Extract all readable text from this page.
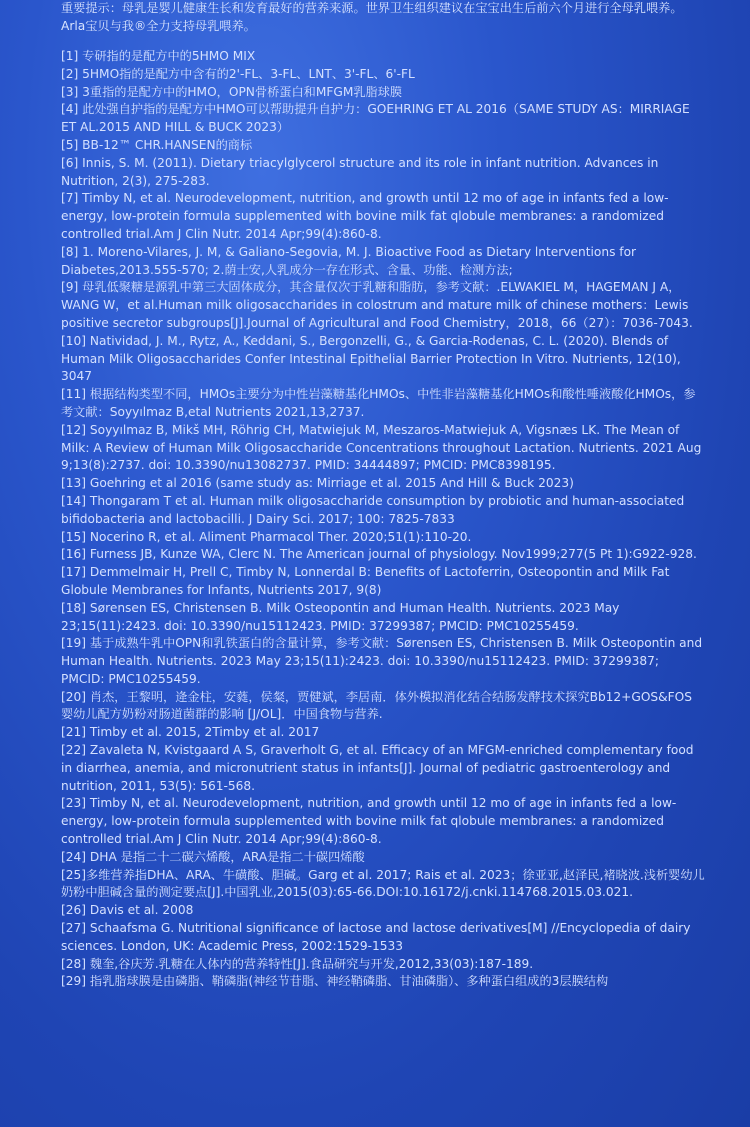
重要提示：母乳是婴儿健康生长和发育最好的营养来源。世界卫生组织建议在宝宝出生后前六个月进行全母乳喂养。Arla宝贝与我®全力支持母乳喂养。

[1] 专研指的是配方中的5HMO MIX

[2] 5HMO指的是配方中含有的2'-FL、3-FL、LNT、3'-FL、6'-FL

[3] 3重指的是配方中的HMO，OPN骨桥蛋白和MFGM乳脂球膜

[4] 此处强自护指的是配方中HMO可以帮助提升自护力：GOEHRING ET AL 2016（SAME STUDY AS：MIRRIAGE ET AL.2015 AND HILL & BUCK 2023）

[5] BB-12™ CHR.HANSEN的商标

[6] Innis, S. M. (2011). Dietary triacylglycerol structure and its role in infant nutrition. Advances in Nutrition, 2(3), 275-283.

[7] Timby N, et al. Neurodevelopment, nutrition, and growth until 12 mo of age in infants fed a low-energy, low-protein formula supplemented with bovine milk fat qlobule membranes: a randomized controlled trial.Am J Clin Nutr. 2014 Apr;99(4):860-8.

[8] 1. Moreno-Vilares, J. M, & Galiano-Segovia, M. J. Bioactive Food as Dietary lnterventions for Diabetes,2013.555-570; 2.荫士安,人乳成分一存在形式、含量、功能、检测方法;

[9] 母乳低聚糖是源乳中第三大固体成分，其含量仅次于乳糖和脂肪，参考文献：.ELWAKIEL M，HAGEMAN J A，WANG W，et al.Human milk oligosaccharides in colostrum and mature milk of chinese mothers：Lewis positive secretor subgroups[J].Journal of Agricultural and Food Chemistry，2018，66（27）：7036-7043.

[10] Natividad, J. M., Rytz, A., Keddani, S., Bergonzelli, G., & Garcia-Rodenas, C. L. (2020). Blends of Human Milk Oligosaccharides Confer Intestinal Epithelial Barrier Protection In Vitro. Nutrients, 12(10), 3047

[11] 根据结构类型不同，HMOs主要分为中性岩藻糖基化HMOs、中性非岩藻糖基化HMOs和酸性唾液酸化HMOs，参考文献：Soyyılmaz B,etal Nutrients 2021,13,2737.

[12] Soyyılmaz B, Mikš MH, Röhrig CH, Matwiejuk M, Meszaros-Matwiejuk A, Vigsnæs LK. The Mean of Milk: A Review of Human Milk Oligosaccharide Concentrations throughout Lactation. Nutrients. 2021 Aug 9;13(8):2737. doi: 10.3390/nu13082737. PMID: 34444897; PMCID: PMC8398195.

[13] Goehring et al 2016 (same study as: Mirriage et al. 2015 And Hill & Buck 2023)

[14] Thongaram T et al. Human milk oligosaccharide consumption by probiotic and human-associated bifidobacteria and lactobacilli. J Dairy Sci. 2017; 100: 7825-7833

[15] Nocerino R, et al. Aliment Pharmacol Ther. 2020;51(1):110-20.

[16] Furness JB, Kunze WA, Clerc N. The American journal of physiology. Nov1999;277(5 Pt 1):G922-928.

[17] Demmelmair H, Prell C, Timby N, Lonnerdal B: Benefits of Lactoferrin, Osteopontin and Milk Fat Globule Membranes for Infants, Nutrients 2017, 9(8)

[18] Sørensen ES, Christensen B. Milk Osteopontin and Human Health. Nutrients. 2023 May 23;15(11):2423. doi: 10.3390/nu15112423. PMID: 37299387; PMCID: PMC10255459.

[19] 基于成熟牛乳中OPN和乳铁蛋白的含量计算，参考文献：Sørensen ES, Christensen B. Milk Osteopontin and Human Health. Nutrients. 2023 May 23;15(11):2423. doi: 10.3390/nu15112423. PMID: 37299387; PMCID: PMC10255459.

[20] 肖杰，王黎明，逄金柱，安蕤，侯粲，贾健斌，李居南．体外模拟消化结合结肠发酵技术探究Bb12+GOS&FOS 婴幼儿配方奶粉对肠道菌群的影响 [J/OL]．中国食物与营养.

[21] Timby et al. 2015, 2Timby et al. 2017

[22] Zavaleta N, Kvistgaard A S, Graverholt G, et al. Efficacy of an MFGM-enriched complementary food in diarrhea, anemia, and micronutrient status in infants[J]. Journal of pediatric gastroenterology and nutrition, 2011, 53(5): 561-568.

[23] Timby N, et al. Neurodevelopment, nutrition, and growth until 12 mo of age in infants fed a low-energy, low-protein formula supplemented with bovine milk fat qlobule membranes: a randomized controlled trial.Am J Clin Nutr. 2014 Apr;99(4):860-8.

[24] DHA 是指二十二碳六烯酸，ARA是指二十碳四烯酸

[25]多维营养指DHA、ARA、牛磺酸、胆碱。Garg et al. 2017; Rais et al. 2023；徐亚亚,赵泽民,褚晓波.浅析婴幼儿奶粉中胆碱含量的测定要点[J].中国乳业,2015(03):65-66.DOI:10.16172/j.cnki.114768.2015.03.021.

[26] Davis et al. 2008

[27] Schaafsma G. Nutritional significance of lactose and lactose derivatives[M] //Encyclopedia of dairy sciences. London, UK: Academic Press, 2002:1529-1533

[28] 魏奎,谷庆芳.乳糖在人体内的营养特性[J].食品研究与开发,2012,33(03):187-189.

[29] 指乳脂球膜是由磷脂、鞘磷脂(神经节苷脂、神经鞘磷脂、甘油磷脂）、多种蛋白组成的3层膜结构
